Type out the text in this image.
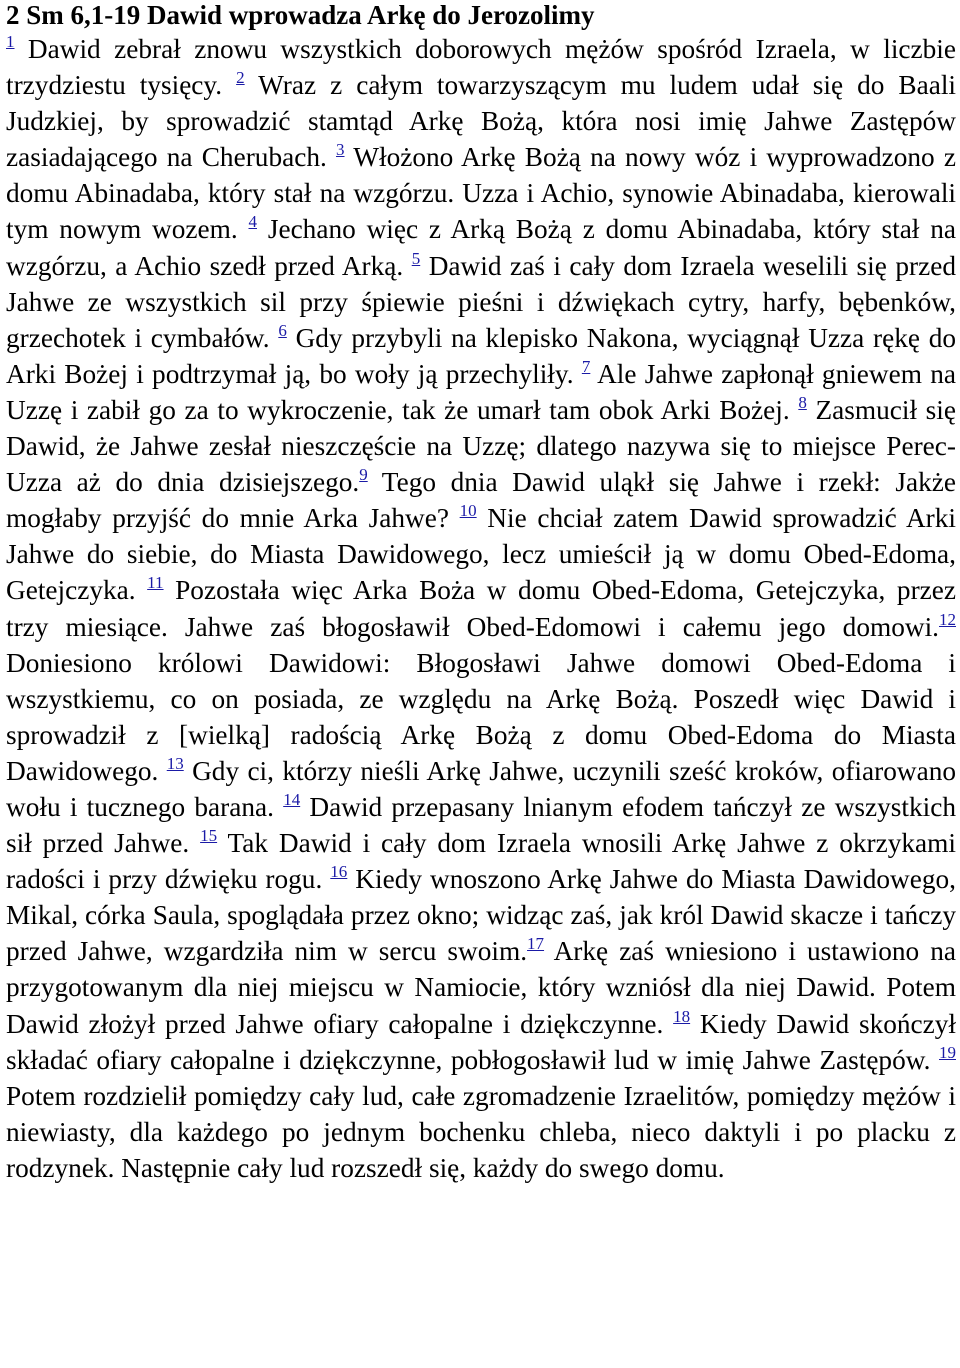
2 Sm 6,1-19 Dawid wprowadza Arkę do Jerozolimy

$^1$ Dawid zebrał znowu wszystkich doborowych mężów spośród Izraela, w liczbie trzydziestu tysięcy. $^2$ Wraz z całym towarzyszącym mu ludem udał się do Baali Judzkiej, by sprowadzić stamtąd Arkę Bożą, która nosi imię Jahwe Zastępów zasiadającego na Cherubach. $^3$ Włożono Arkę Bożą na nowy wóz i wyprowadzono z domu Abinadaba, który stał na wzgórzu. Uzza i Achio, synowie Abinadaba, kierowali tym nowym wozem. $^4$ Jechano więc z Arką Bożą z domu Abinadaba, który stał na wzgórzu, a Achio szedł przed Arką. $^5$ Dawid zaś i cały dom Izraela weselili się przed Jahwe ze wszystkich sil przy śpiewie pieśni i dźwiękach cytry, harfy, bębenków, grzechotek i cymbałów. $^6$ Gdy przybyli na klepisko Nakona, wyciągnął Uzza rękę do Arki Bożej i podtrzymał ją, bo woły ją przechyliły. $^7$ Ale Jahwe zapłonął gniewem na Uzzę i zabił go za to wykroczenie, tak że umarł tam obok Arki Bożej. $^8$ Zasmucił się Dawid, że Jahwe zesłał nieszczęście na Uzzę; dlatego nazywa się to miejsce Perec-Uzza aż do dnia dzisiejszego.$^9$ Tego dnia Dawid uląkł się Jahwe i rzekł: Jakże mogłaby przyjść do mnie Arka Jahwe? $^{10}$ Nie chciał zatem Dawid sprowadzić Arki Jahwe do siebie, do Miasta Dawidowego, lecz umieścił ją w domu Obed-Edoma, Getejczyka. $^{11}$ Pozostała więc Arka Boża w domu Obed-Edoma, Getejczyka, przez trzy miesiące. Jahwe zaś błogosławił Obed-Edomowi i całemu jego domowi.$^{12}$ Doniesiono królowi Dawidowi: Błogosławi Jahwe domowi Obed-Edoma i wszystkiemu, co on posiada, ze względu na Arkę Bożą. Poszedł więc Dawid i sprowadził z [wielką] radością Arkę Bożą z domu Obed-Edoma do Miasta Dawidowego. $^{13}$ Gdy ci, którzy nieśli Arkę Jahwe, uczynili sześć kroków, ofiarowano wołu i tucznego barana. $^{14}$ Dawid przepasany lnianym efodem tańczył ze wszystkich sił przed Jahwe. $^{15}$ Tak Dawid i cały dom Izraela wnosili Arkę Jahwe z okrzykami radości i przy dźwięku rogu. $^{16}$ Kiedy wnoszono Arkę Jahwe do Miasta Dawidowego, Mikal, córka Saula, spoglądała przez okno; widząc zaś, jak król Dawid skacze i tańczy przed Jahwe, wzgardziła nim w sercu swoim.$^{17}$ Arkę zaś wniesiono i ustawiono na przygotowanym dla niej miejscu w Namiocie, który wzniósł dla niej Dawid. Potem Dawid złożył przed Jahwe ofiary całopalne i dziękczynne. $^{18}$ Kiedy Dawid skończył składać ofiary całopalne i dziękczynne, pobłogosławił lud w imię Jahwe Zastępów. $^{19}$ Potem rozdzielił pomiędzy cały lud, całe zgromadzenie Izraelitów, pomiędzy mężów i niewiasty, dla każdego po jednym bochenku chleba, nieco daktyli i po placku z rodzynek. Następnie cały lud rozszedł się, każdy do swego domu.
